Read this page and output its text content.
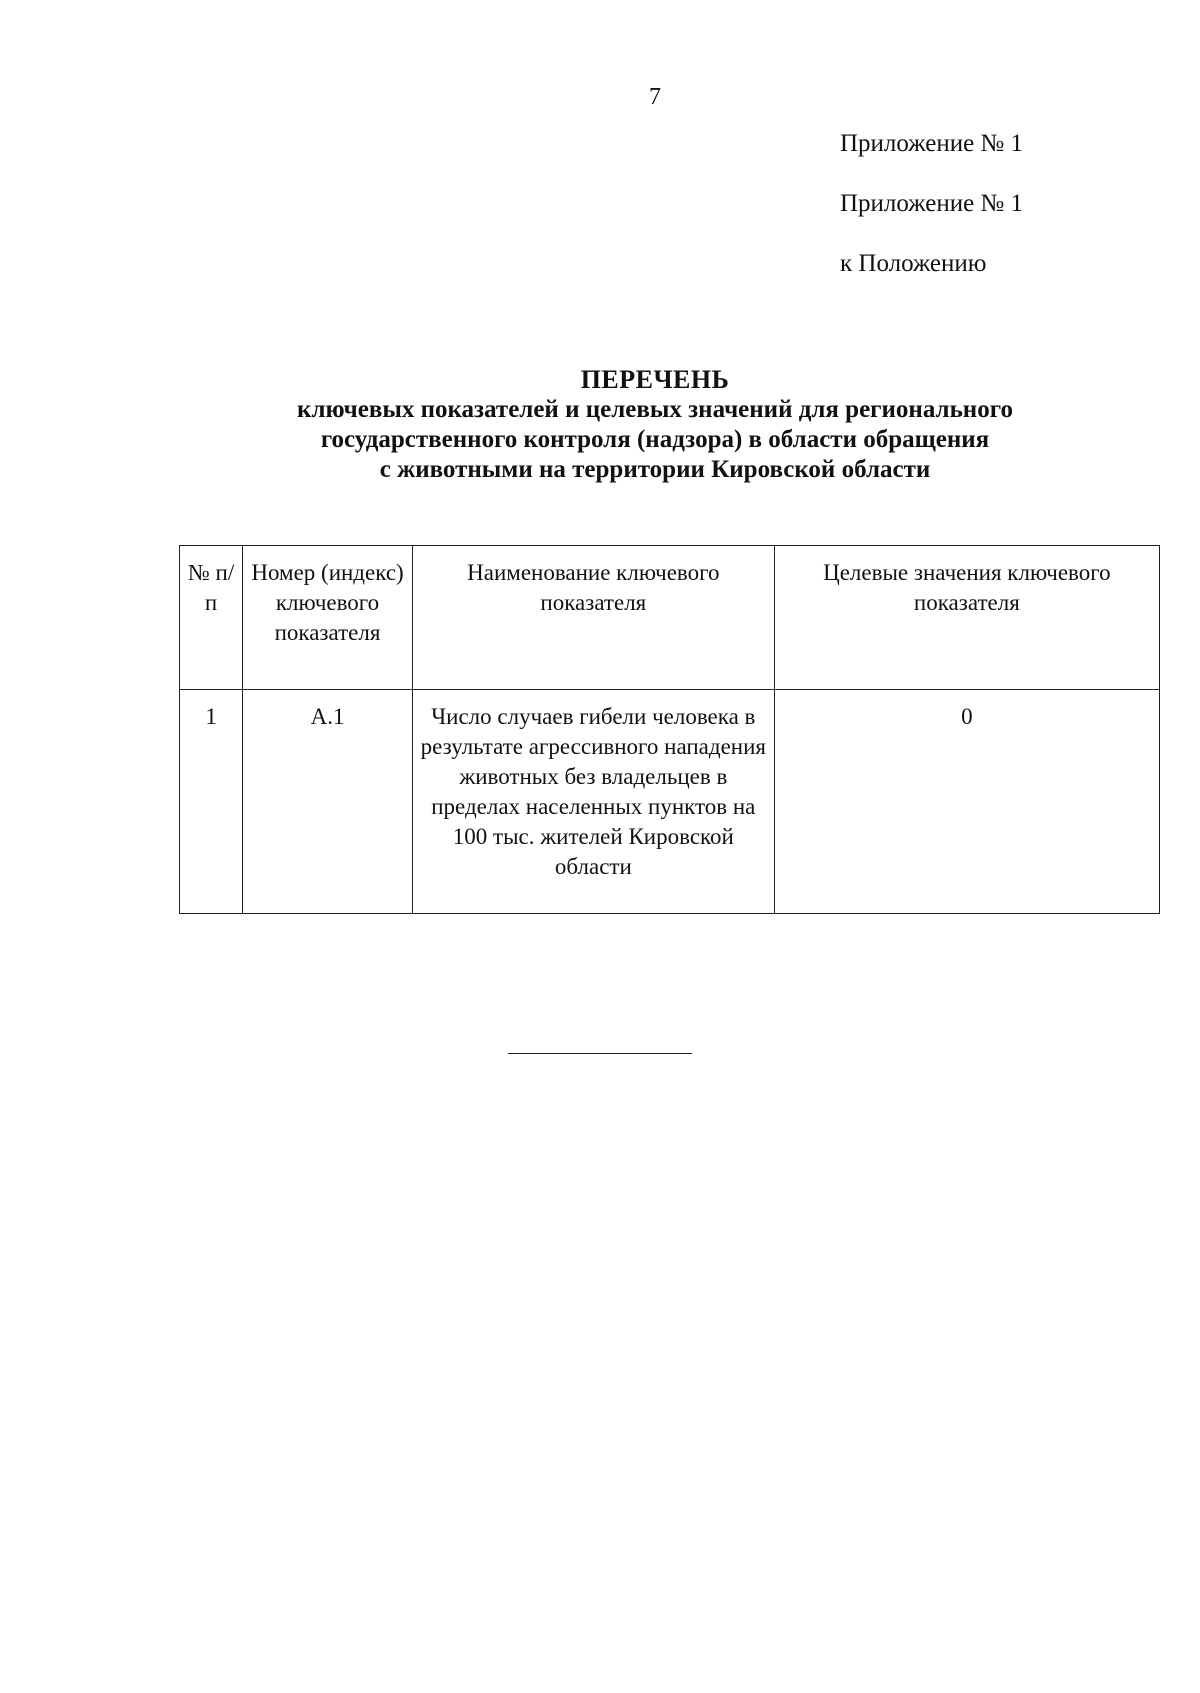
7
Приложение № 1
Приложение № 1
к Положению
ПЕРЕЧЕНЬ
ключевых показателей и целевых значений для регионального
государственного контроля (надзора) в области обращения
с животными на территории Кировской области
№ п/п	Номер (индекс) ключевого показателя	Наименование ключевого показателя	Целевые значения ключевого показателя
1	А.1	Число случаев гибели человека в результате агрессивного нападения животных без владельцев в пределах населенных пунктов на 100 тыс. жителей Кировской области	0
